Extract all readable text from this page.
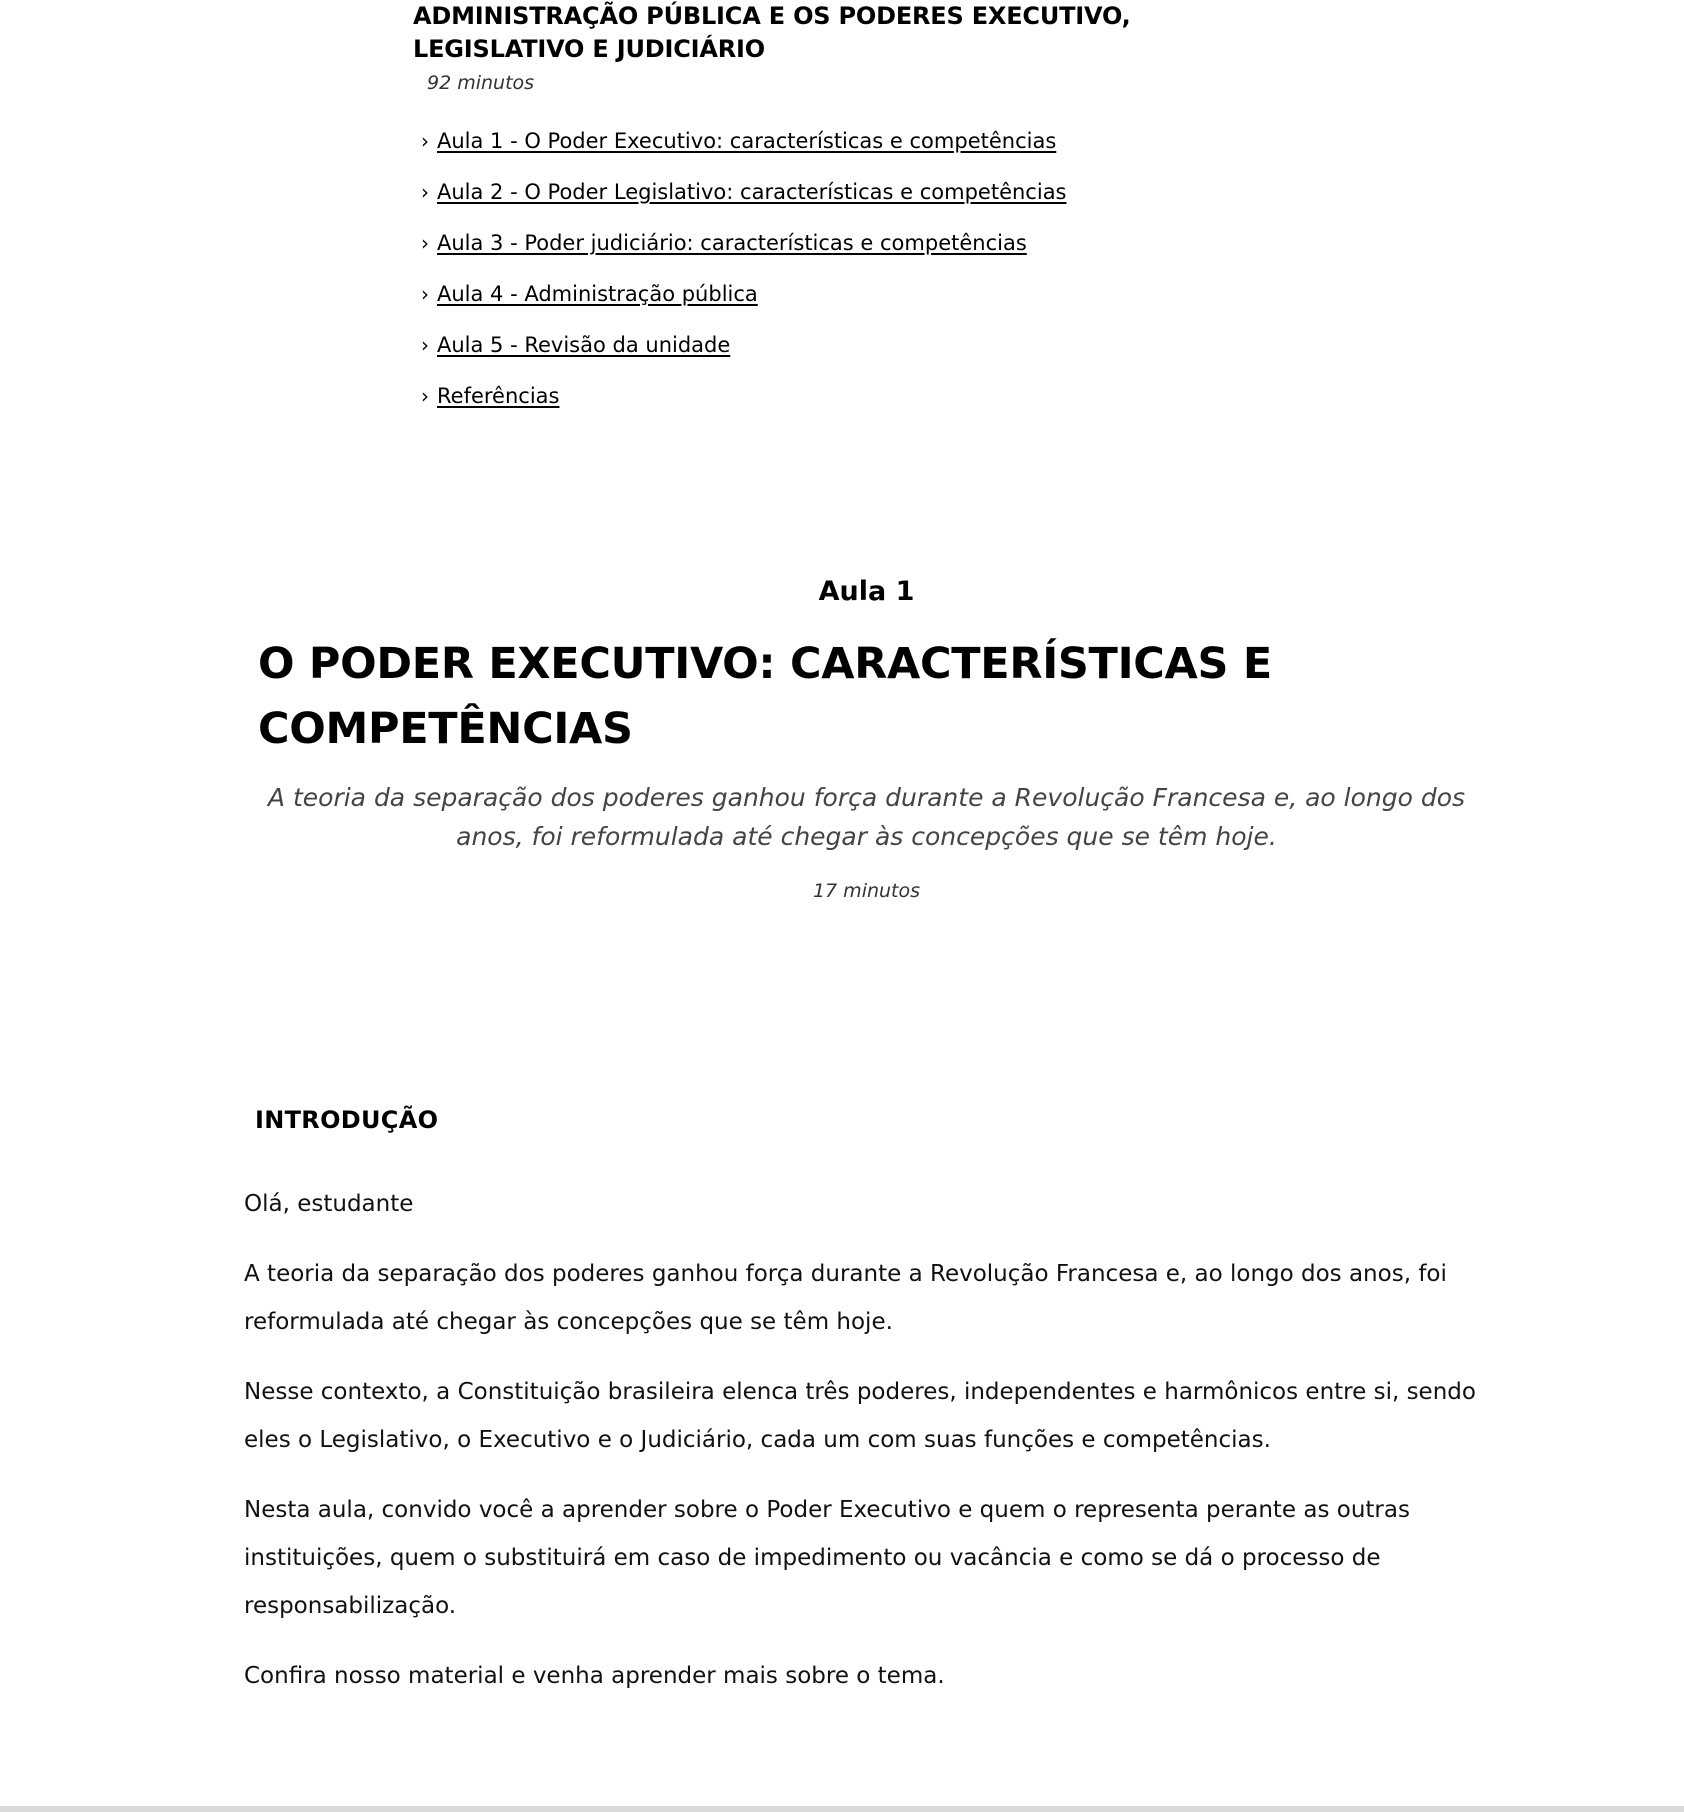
ADMINISTRAÇÃO PÚBLICA E OS PODERES EXECUTIVO,
LEGISLATIVO E JUDICIÁRIO
92 minutos
› Aula 1 - O Poder Executivo: características e competências
› Aula 2 - O Poder Legislativo: características e competências
› Aula 3 - Poder judiciário: características e competências
› Aula 4 - Administração pública
› Aula 5 - Revisão da unidade
› Referências
Aula 1
O PODER EXECUTIVO: CARACTERÍSTICAS E
COMPETÊNCIAS

A teoria da separação dos poderes ganhou força durante a Revolução Francesa e, ao longo dos anos, foi reformulada até chegar às concepções que se têm hoje.

17 minutos

INTRODUÇÃO

Olá, estudante

A teoria da separação dos poderes ganhou força durante a Revolução Francesa e, ao longo dos anos, foi reformulada até chegar às concepções que se têm hoje.

Nesse contexto, a Constituição brasileira elenca três poderes, independentes e harmônicos entre si, sendo eles o Legislativo, o Executivo e o Judiciário, cada um com suas funções e competências.

Nesta aula, convido você a aprender sobre o Poder Executivo e quem o representa perante as outras instituições, quem o substituirá em caso de impedimento ou vacância e como se dá o processo de responsabilização.

Confira nosso material e venha aprender mais sobre o tema.
